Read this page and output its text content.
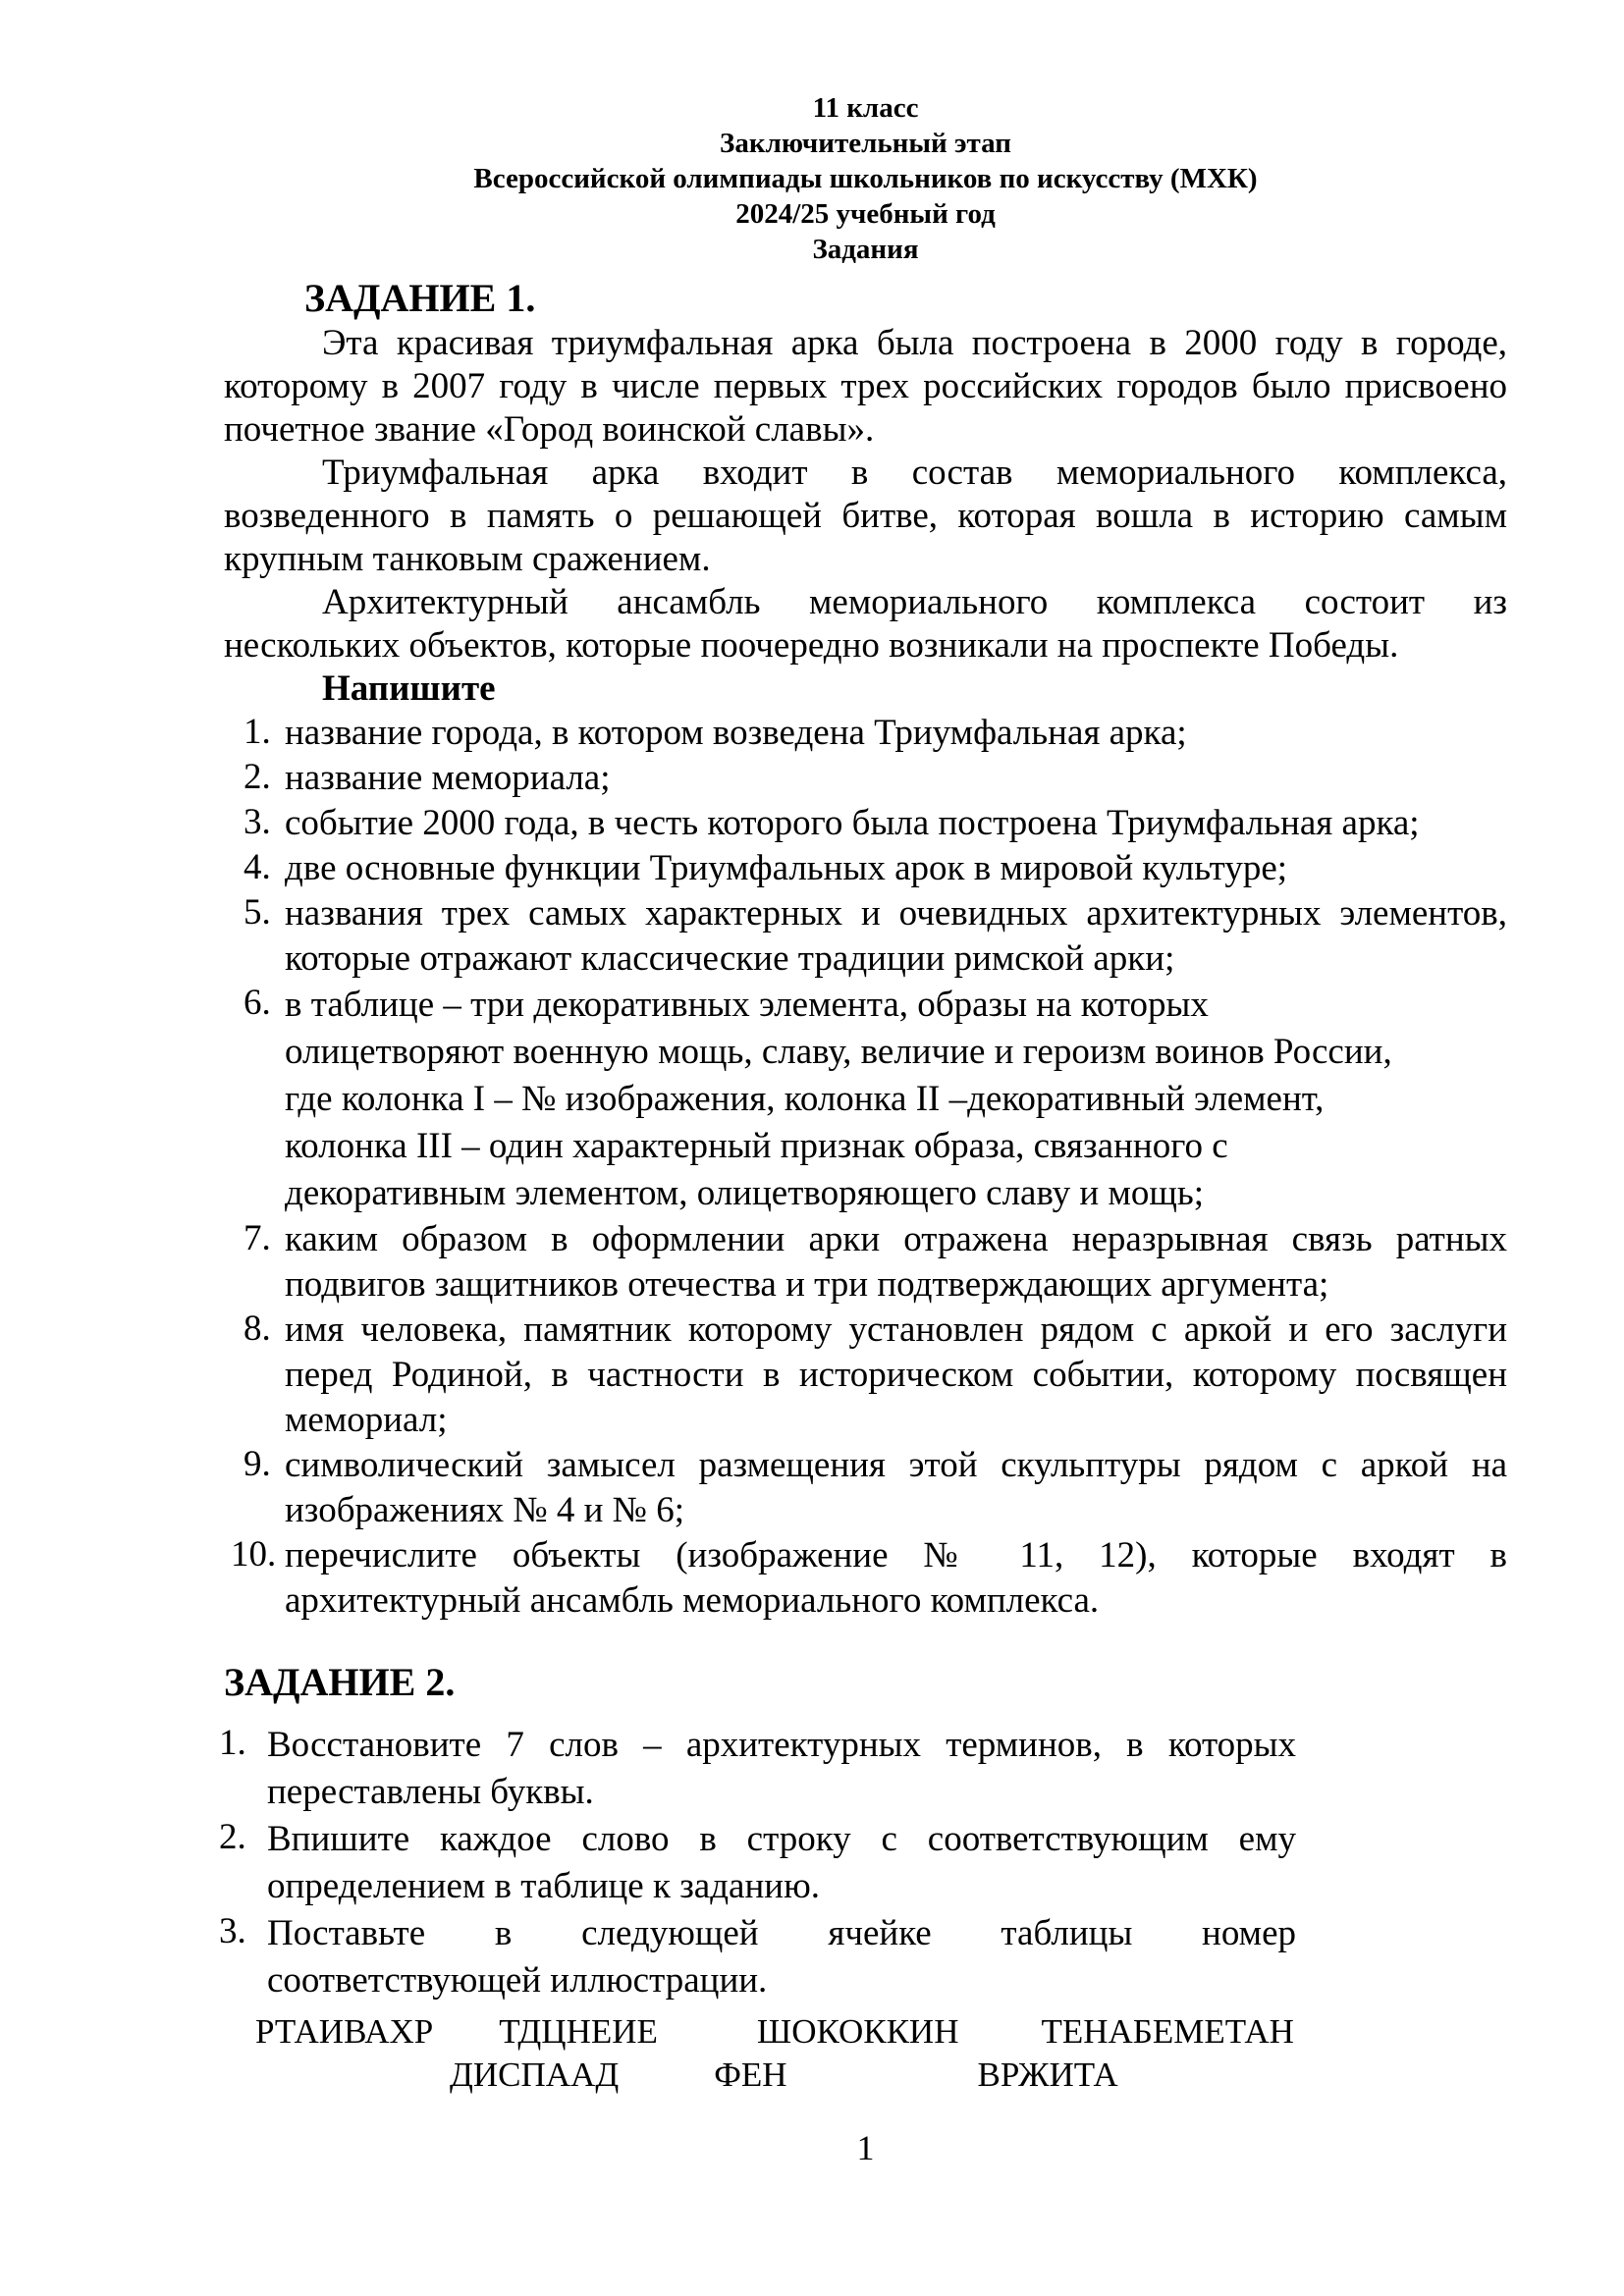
11 класс
Заключительный этап
Всероссийской олимпиады школьников по искусству (МХК)
2024/25 учебный год
Задания
ЗАДАНИЕ 1.
Эта красивая триумфальная арка была построена в 2000 году в городе,
которому в 2007 году в числе первых трех российских городов было присвоено
почетное звание «Город воинской славы».
Триумфальная арка входит в состав мемориального комплекса,
возведенного в память о решающей битве, которая вошла в историю самым
крупным танковым сражением.
Архитектурный ансамбль мемориального комплекса состоит из
нескольких объектов, которые поочередно возникали на проспекте Победы.
Напишите
1. название города, в котором возведена Триумфальная арка;
2. название мемориала;
3. событие 2000 года, в честь которого была построена Триумфальная арка;
4. две основные функции Триумфальных арок в мировой культуре;
5. названия трех самых характерных и очевидных архитектурных элементов,
которые отражают классические традиции римской арки;
6. в таблице – три декоративных элемента, образы на которых
олицетворяют военную мощь, славу, величие и героизм воинов России,
где колонка I – № изображения, колонка II –декоративный элемент,
колонка III – один характерный признак образа, связанного с
декоративным элементом, олицетворяющего славу и мощь;
7. каким образом в оформлении арки отражена неразрывная связь ратных
подвигов защитников отечества и три подтверждающих аргумента;
8. имя человека, памятник которому установлен рядом с аркой и его заслуги
перед Родиной, в частности в историческом событии, которому посвящен
мемориал;
9. символический замысел размещения этой скульптуры рядом с аркой на
изображениях № 4 и № 6;
10. перечислите объекты (изображение № 11, 12), которые входят в
архитектурный ансамбль мемориального комплекса.
ЗАДАНИЕ 2.
1. Восстановите 7 слов – архитектурных терминов, в которых
переставлены буквы.
2. Впишите каждое слово в строку с соответствующим ему
определением в таблице к заданию.
3. Поставьте в следующей ячейке таблицы номер
соответствующей иллюстрации.
РТАИВАХР ТДЦНЕИЕ	ШОКОККИН ТЕНАБЕМЕТАН
ДИСПААД	ФЕН	ВРЖИТА
1
